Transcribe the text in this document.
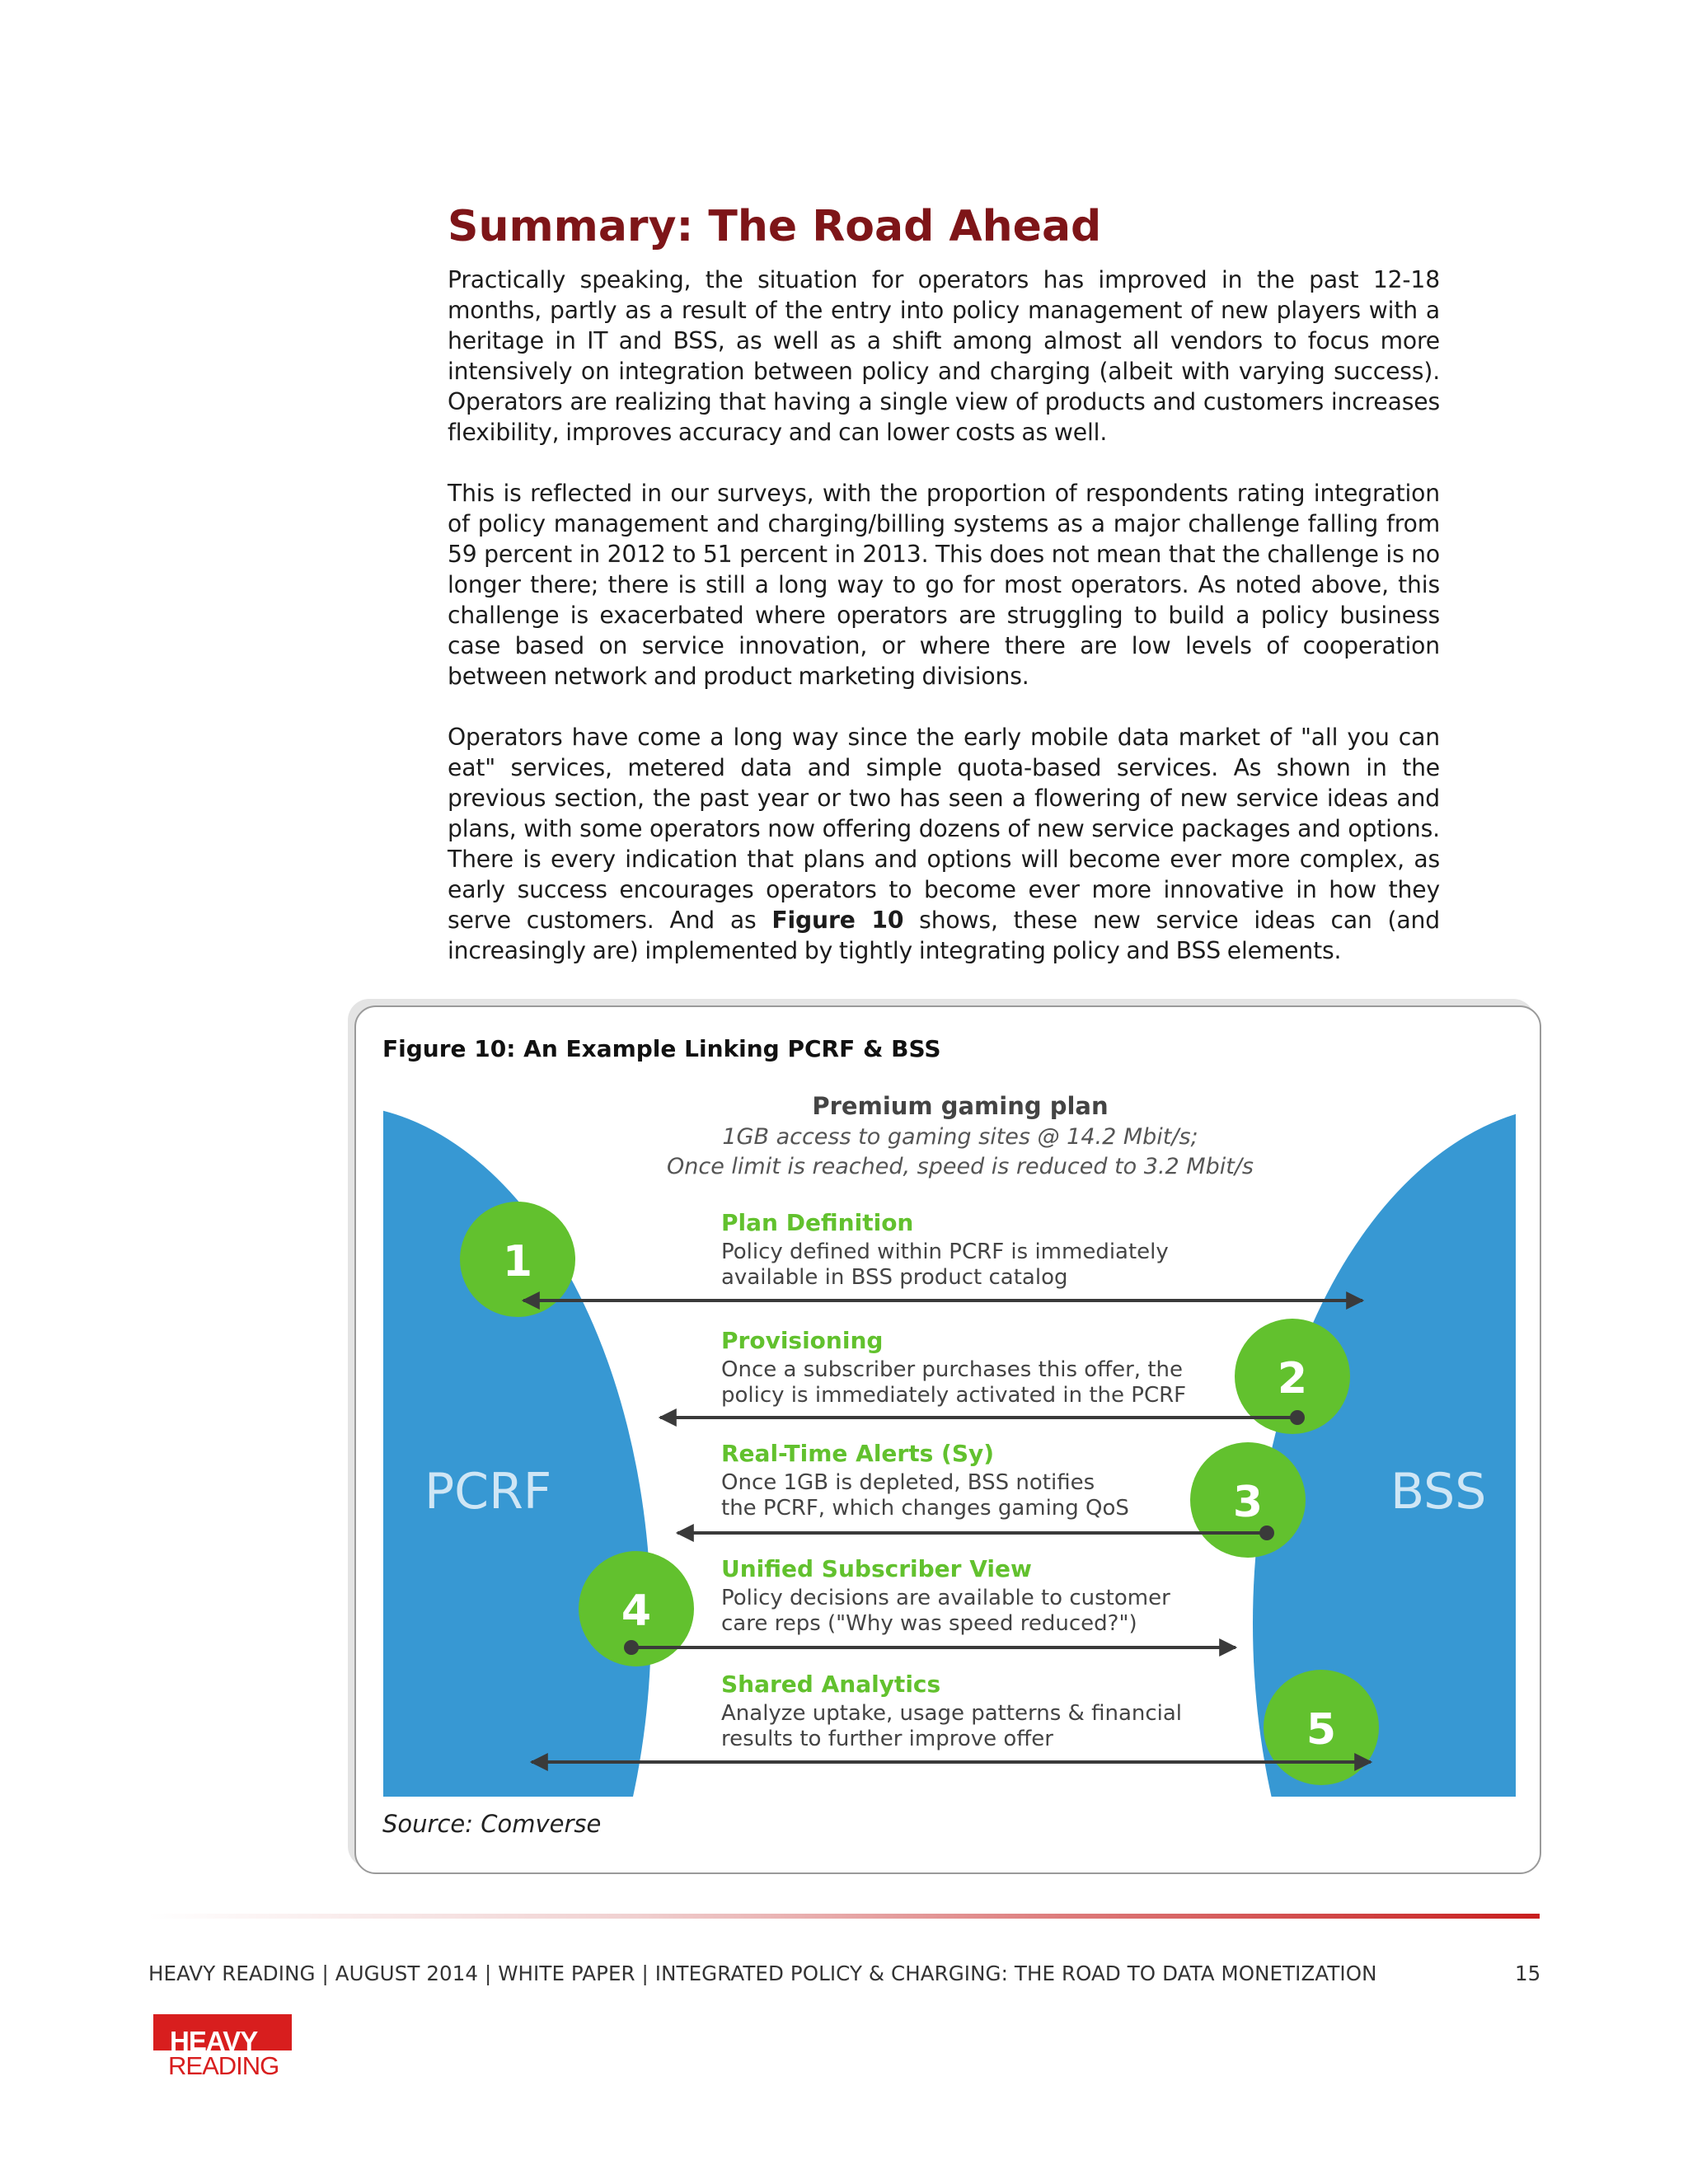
Summary: The Road Ahead

Practically speaking, the situation for operators has improved in the past 12-18 months, partly as a result of the entry into policy management of new players with a heritage in IT and BSS, as well as a shift among almost all vendors to focus more intensively on integration between policy and charging (albeit with varying success). Operators are realizing that having a single view of products and customers increases flexibility, improves accuracy and can lower costs as well.

This is reflected in our surveys, with the proportion of respondents rating integration of policy management and charging/billing systems as a major challenge falling from 59 percent in 2012 to 51 percent in 2013. This does not mean that the challenge is no longer there; there is still a long way to go for most operators. As noted above, this challenge is exacerbated where operators are struggling to build a policy business case based on service innovation, or where there are low levels of cooperation between network and product marketing divisions.

Operators have come a long way since the early mobile data market of "all you can eat" services, metered data and simple quota-based services. As shown in the previous section, the past year or two has seen a flowering of new service ideas and plans, with some operators now offering dozens of new service packages and options. There is every indication that plans and options will become ever more complex, as early success encourages operators to become ever more innovative in how they serve customers. And as Figure 10 shows, these new service ideas can (and increasingly are) implemented by tightly integrating policy and BSS elements.

Figure 10: An Example Linking PCRF & BSS
Premium gaming plan
1GB access to gaming sites @ 14.2 Mbit/s;
Once limit is reached, speed is reduced to 3.2 Mbit/s
PCRF	BSS
1
Plan Definition
Policy defined within PCRF is immediately
available in BSS product catalog
2
Provisioning
Once a subscriber purchases this offer, the
policy is immediately activated in the PCRF
3
Real-Time Alerts (Sy)
Once 1GB is depleted, BSS notifies
the PCRF, which changes gaming QoS
4
Unified Subscriber View
Policy decisions are available to customer
care reps ("Why was speed reduced?")
5
Shared Analytics
Analyze uptake, usage patterns & financial
results to further improve offer
Source: Comverse
HEAVY READING | AUGUST 2014 | WHITE PAPER | INTEGRATED POLICY & CHARGING: THE ROAD TO DATA MONETIZATION	15
HEAVY
READING
